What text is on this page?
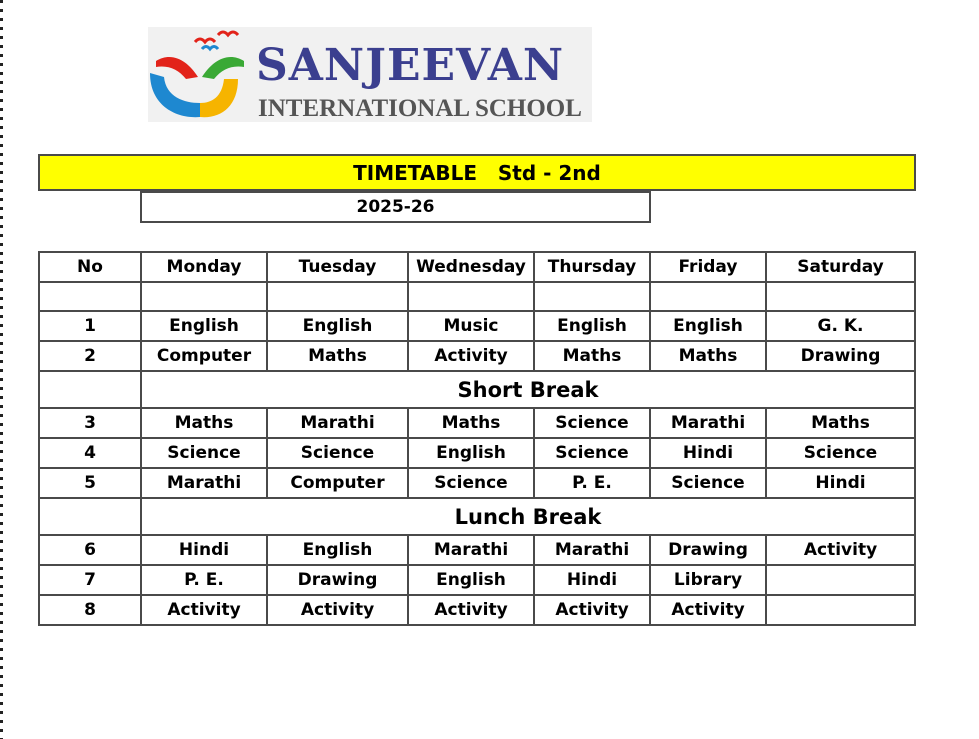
SANJEEVAN
INTERNATIONAL SCHOOL
TIMETABLE   Std - 2nd
2025-26
No	Monday	Tuesday	Wednesday	Thursday	Friday	Saturday

1	English	English	Music	English	English	G. K.
2	Computer	Maths	Activity	Maths	Maths	Drawing
	Short Break					
3	Maths	Marathi	Maths	Science	Marathi	Maths
4	Science	Science	English	Science	Hindi	Science
5	Marathi	Computer	Science	P. E.	Science	Hindi
	Lunch Break					
6	Hindi	English	Marathi	Marathi	Drawing	Activity
7	P. E.	Drawing	English	Hindi	Library	
8	Activity	Activity	Activity	Activity	Activity	
